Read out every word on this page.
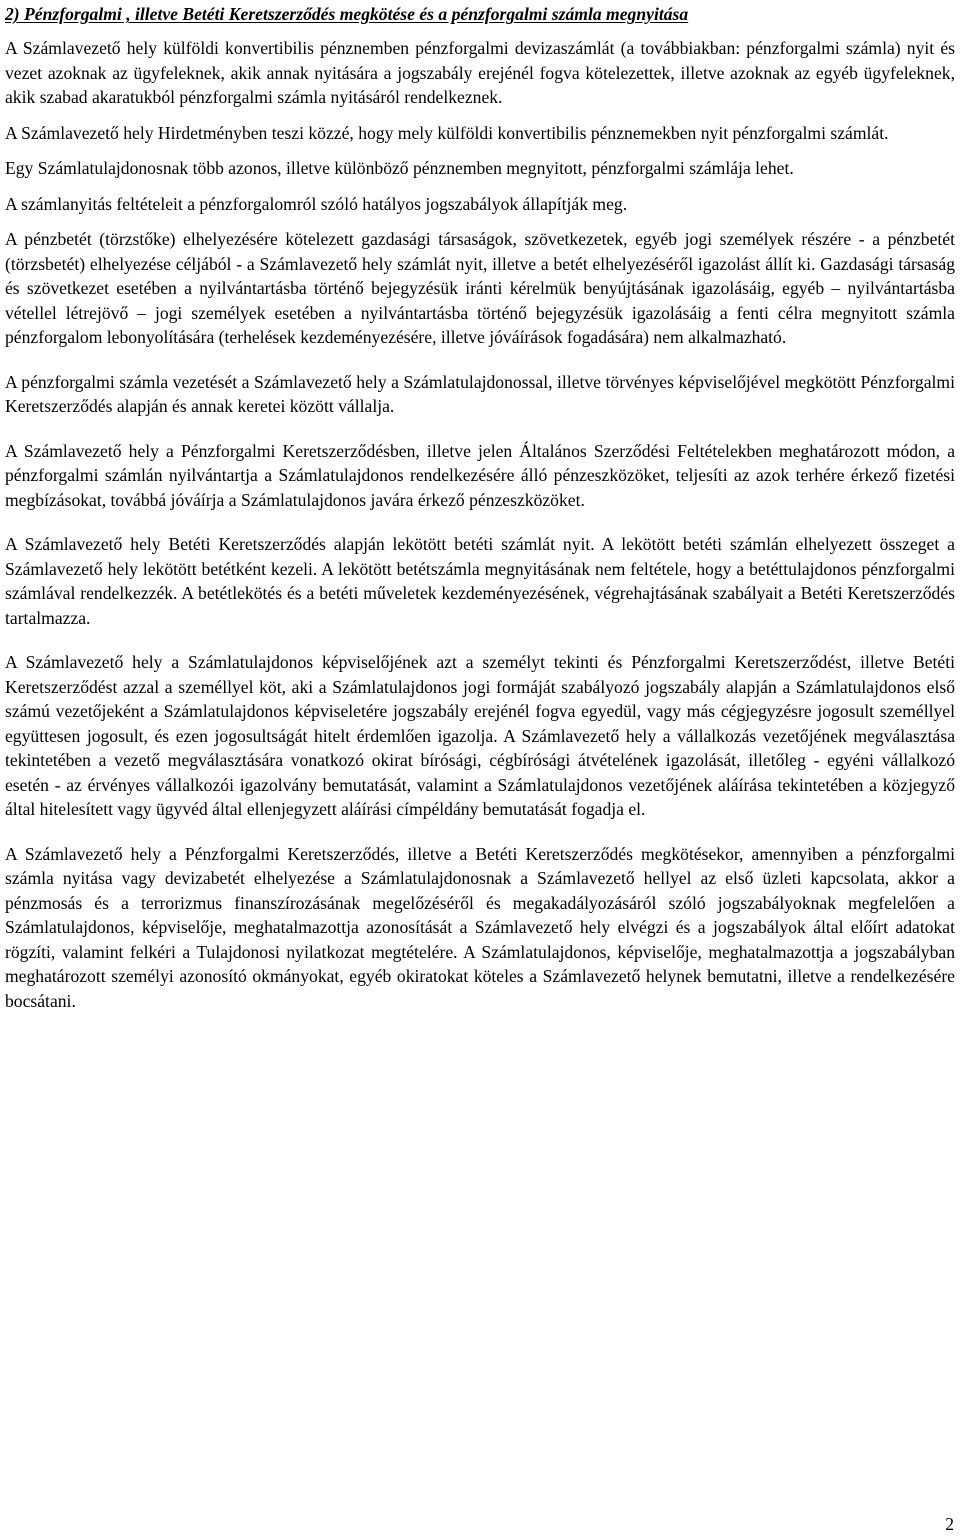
2) Pénzforgalmi , illetve Betéti Keretszerződés megkötése és a pénzforgalmi számla megnyitása

A Számlavezető hely külföldi konvertibilis pénznemben pénzforgalmi devizaszámlát (a továbbiakban: pénzforgalmi számla) nyit és vezet azoknak az ügyfeleknek, akik annak nyitására a jogszabály erejénél fogva kötelezettek, illetve azoknak az egyéb ügyfeleknek, akik szabad akaratukból pénzforgalmi számla nyitásáról rendelkeznek.

A Számlavezető hely Hirdetményben teszi közzé, hogy mely külföldi konvertibilis pénznemekben nyit pénzforgalmi számlát.

Egy Számlatulajdonosnak több azonos, illetve különböző pénznemben megnyitott, pénzforgalmi számlája lehet.

A számlanyitás feltételeit a pénzforgalomról szóló hatályos jogszabályok állapítják meg.

A pénzbetét (törzstőke) elhelyezésére kötelezett gazdasági társaságok, szövetkezetek, egyéb jogi személyek részére - a pénzbetét (törzsbetét) elhelyezése céljából - a Számlavezető hely számlát nyit, illetve a betét elhelyezéséről igazolást állít ki. Gazdasági társaság és szövetkezet esetében a nyilvántartásba történő bejegyzésük iránti kérelmük benyújtásának igazolásáig, egyéb – nyilvántartásba vétellel létrejövő – jogi személyek esetében a nyilvántartásba történő bejegyzésük igazolásáig a fenti célra megnyitott számla pénzforgalom lebonyolítására (terhelések kezdeményezésére, illetve jóváírások fogadására) nem alkalmazható.

A pénzforgalmi számla vezetését a Számlavezető hely a Számlatulajdonossal, illetve törvényes képviselőjével megkötött Pénzforgalmi Keretszerződés alapján és annak keretei között vállalja.

A Számlavezető hely a Pénzforgalmi Keretszerződésben, illetve jelen Általános Szerződési Feltételekben meghatározott módon, a pénzforgalmi számlán nyilvántartja a Számlatulajdonos rendelkezésére álló pénzeszközöket, teljesíti az azok terhére érkező fizetési megbízásokat, továbbá jóváírja a Számlatulajdonos javára érkező pénzeszközöket.

A Számlavezető hely Betéti Keretszerződés alapján lekötött betéti számlát nyit. A lekötött betéti számlán elhelyezett összeget a Számlavezető hely lekötött betétként kezeli. A lekötött betétszámla megnyitásának nem feltétele, hogy a betéttulajdonos pénzforgalmi számlával rendelkezzék. A betétlekötés és a betéti műveletek kezdeményezésének, végrehajtásának szabályait a Betéti Keretszerződés tartalmazza.

A Számlavezető hely a Számlatulajdonos képviselőjének azt a személyt tekinti és Pénzforgalmi Keretszerződést, illetve Betéti Keretszerződést azzal a személlyel köt, aki a Számlatulajdonos jogi formáját szabályozó jogszabály alapján a Számlatulajdonos első számú vezetőjeként a Számlatulajdonos képviseletére jogszabály erejénél fogva egyedül, vagy más cégjegyzésre jogosult személlyel együttesen jogosult, és ezen jogosultságát hitelt érdemlően igazolja. A Számlavezető hely a vállalkozás vezetőjének megválasztása tekintetében a vezető megválasztására vonatkozó okirat bírósági, cégbírósági átvételének igazolását, illetőleg - egyéni vállalkozó esetén - az érvényes vállalkozói igazolvány bemutatását, valamint a Számlatulajdonos vezetőjének aláírása tekintetében a közjegyző által hitelesített vagy ügyvéd által ellenjegyzett aláírási címpéldány bemutatását fogadja el.

A Számlavezető hely a Pénzforgalmi Keretszerződés, illetve a Betéti Keretszerződés megkötésekor, amennyiben a pénzforgalmi számla nyitása vagy devizabetét elhelyezése a Számlatulajdonosnak a Számlavezető hellyel az első üzleti kapcsolata, akkor a pénzmosás és a terrorizmus finanszírozásának megelőzéséről és megakadályozásáról szóló jogszabályoknak megfelelően a Számlatulajdonos, képviselője, meghatalmazottja azonosítását a Számlavezető hely elvégzi és a jogszabályok által előírt adatokat rögzíti, valamint felkéri a Tulajdonosi nyilatkozat megtételére. A Számlatulajdonos, képviselője, meghatalmazottja a jogszabályban meghatározott személyi azonosító okmányokat, egyéb okiratokat köteles a Számlavezető helynek bemutatni, illetve a rendelkezésére bocsátani.

2
